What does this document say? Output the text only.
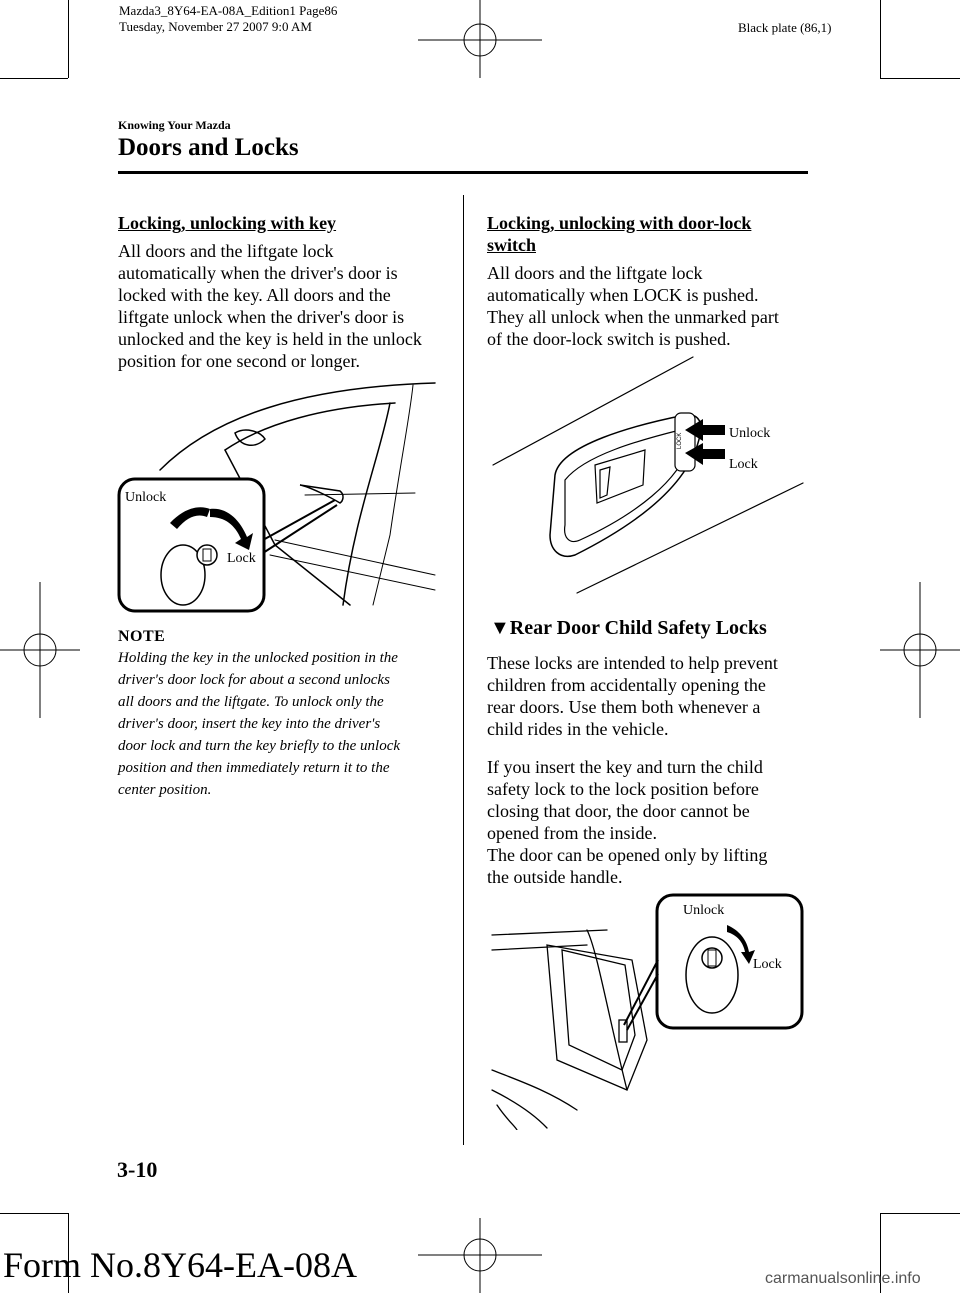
Mazda3_8Y64-EA-08A_Edition1 Page86
Tuesday, November 27 2007 9:0 AM	Black plate (86,1)
Knowing Your Mazda
Doors and Locks
Locking, unlocking with key
All doors and the liftgate lock
automatically when the driver's door is
locked with the key. All doors and the
liftgate unlock when the driver's door is
unlocked and the key is held in the unlock
position for one second or longer.
Unlock
Lock
NOTE
Holding the key in the unlocked position in the
driver's door lock for about a second unlocks
all doors and the liftgate. To unlock only the
driver's door, insert the key into the driver's
door lock and turn the key briefly to the unlock
position and then immediately return it to the
center position.
Locking, unlocking with door-lock
switch
All doors and the liftgate lock
automatically when LOCK is pushed.
They all unlock when the unmarked part
of the door-lock switch is pushed.
LOCK	Unlock
Lock
▼Rear Door Child Safety Locks
These locks are intended to help prevent
children from accidentally opening the
rear doors. Use them both whenever a
child rides in the vehicle.
If you insert the key and turn the child
safety lock to the lock position before
closing that door, the door cannot be
opened from the inside.
The door can be opened only by lifting
the outside handle.
Unlock
Lock
3-10
Form No.8Y64-EA-08A	carmanualsonline.info
